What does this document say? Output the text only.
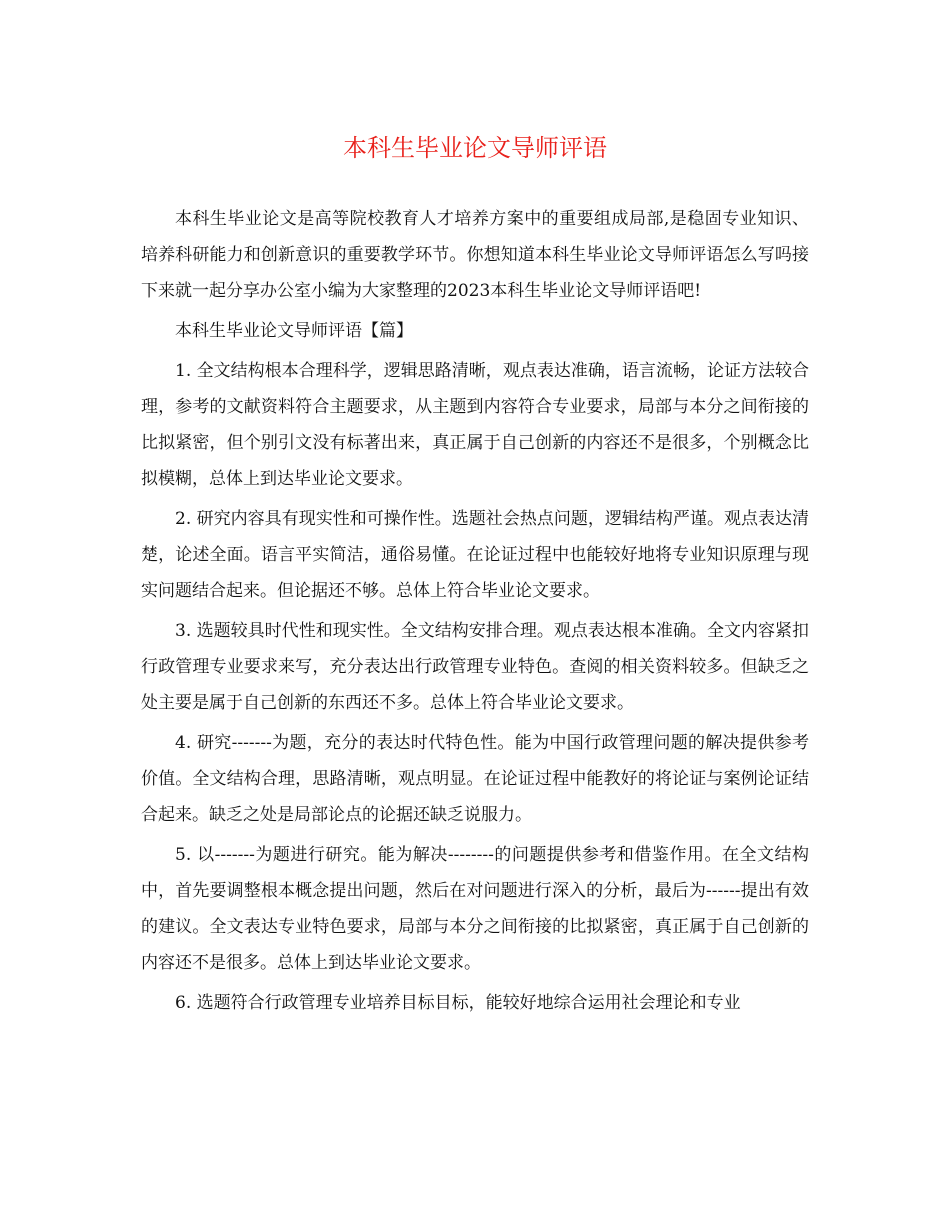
本科生毕业论文导师评语

本科生毕业论文是高等院校教育人才培养方案中的重要组成局部,是稳固专业知识、培养科研能力和创新意识的重要教学环节。你想知道本科生毕业论文导师评语怎么写吗接下来就一起分享办公室小编为大家整理的2023本科生毕业论文导师评语吧!

本科生毕业论文导师评语【篇】

1. 全文结构根本合理科学，逻辑思路清晰，观点表达准确，语言流畅，论证方法较合理，参考的文献资料符合主题要求，从主题到内容符合专业要求，局部与本分之间衔接的比拟紧密，但个别引文没有标著出来，真正属于自己创新的内容还不是很多，个别概念比拟模糊，总体上到达毕业论文要求。

2. 研究内容具有现实性和可操作性。选题社会热点问题，逻辑结构严谨。观点表达清楚，论述全面。语言平实简洁，通俗易懂。在论证过程中也能较好地将专业知识原理与现实问题结合起来。但论据还不够。总体上符合毕业论文要求。

3. 选题较具时代性和现实性。全文结构安排合理。观点表达根本准确。全文内容紧扣行政管理专业要求来写，充分表达出行政管理专业特色。查阅的相关资料较多。但缺乏之处主要是属于自己创新的东西还不多。总体上符合毕业论文要求。

4. 研究-------为题，充分的表达时代特色性。能为中国行政管理问题的解决提供参考价值。全文结构合理，思路清晰，观点明显。在论证过程中能教好的将论证与案例论证结合起来。缺乏之处是局部论点的论据还缺乏说服力。

5. 以-------为题进行研究。能为解决--------的问题提供参考和借鉴作用。在全文结构中，首先要调整根本概念提出问题，然后在对问题进行深入的分析，最后为------提出有效的建议。全文表达专业特色要求，局部与本分之间衔接的比拟紧密，真正属于自己创新的内容还不是很多。总体上到达毕业论文要求。

6. 选题符合行政管理专业培养目标目标，能较好地综合运用社会理论和专业
